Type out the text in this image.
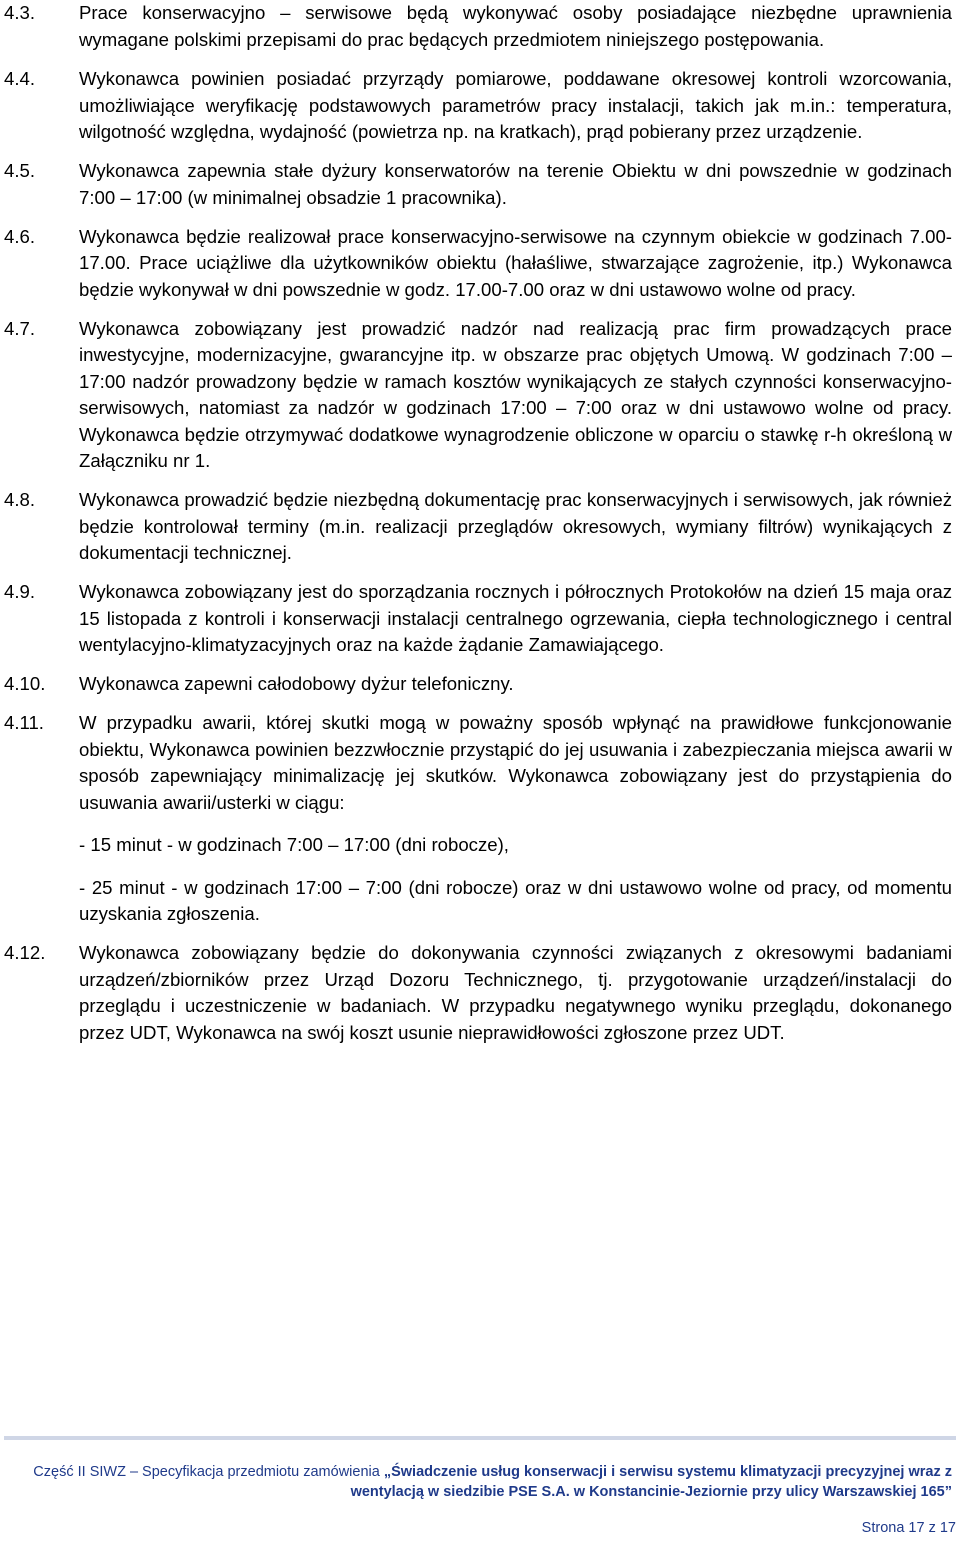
4.3.	Prace konserwacyjno – serwisowe będą wykonywać osoby posiadające niezbędne uprawnienia wymagane polskimi przepisami do prac będących przedmiotem niniejszego postępowania.
4.4.	Wykonawca powinien posiadać przyrządy pomiarowe, poddawane okresowej kontroli wzorcowania, umożliwiające weryfikację podstawowych parametrów pracy instalacji, takich jak m.in.: temperatura, wilgotność względna, wydajność (powietrza np. na kratkach), prąd pobierany przez urządzenie.
4.5.	Wykonawca zapewnia stałe dyżury konserwatorów na terenie Obiektu w dni powszednie w godzinach 7:00 – 17:00 (w minimalnej obsadzie 1 pracownika).
4.6.	Wykonawca będzie realizował prace konserwacyjno-serwisowe na czynnym obiekcie w godzinach 7.00-17.00. Prace uciążliwe dla użytkowników obiektu (hałaśliwe, stwarzające zagrożenie, itp.) Wykonawca będzie wykonywał w dni powszednie w godz. 17.00-7.00 oraz w dni ustawowo wolne od pracy.
4.7.	Wykonawca zobowiązany jest prowadzić nadzór nad realizacją prac firm prowadzących prace inwestycyjne, modernizacyjne, gwarancyjne itp. w obszarze prac objętych Umową. W godzinach 7:00 – 17:00 nadzór prowadzony będzie w ramach kosztów wynikających ze stałych czynności konserwacyjno-serwisowych, natomiast za nadzór w godzinach 17:00 – 7:00 oraz w dni ustawowo wolne od pracy. Wykonawca będzie otrzymywać dodatkowe wynagrodzenie obliczone w oparciu o stawkę r-h określoną w Załączniku nr 1.
4.8.	Wykonawca prowadzić będzie niezbędną dokumentację prac konserwacyjnych i serwisowych, jak również będzie kontrolował terminy (m.in. realizacji przeglądów okresowych, wymiany filtrów) wynikających z dokumentacji technicznej.
4.9.	Wykonawca zobowiązany jest do sporządzania rocznych i półrocznych Protokołów na dzień 15 maja oraz 15 listopada z kontroli i konserwacji instalacji centralnego ogrzewania, ciepła technologicznego i central wentylacyjno-klimatyzacyjnych oraz na każde żądanie Zamawiającego.
4.10.	Wykonawca zapewni całodobowy dyżur telefoniczny.
4.11.	W przypadku awarii, której skutki mogą w poważny sposób wpłynąć na prawidłowe funkcjonowanie obiektu, Wykonawca powinien bezzwłocznie przystąpić do jej usuwania i zabezpieczania miejsca awarii w sposób zapewniający minimalizację jej skutków. Wykonawca zobowiązany jest do przystąpienia do usuwania awarii/usterki w ciągu:
- 15 minut - w godzinach 7:00 – 17:00 (dni robocze),
- 25 minut - w godzinach 17:00 – 7:00 (dni robocze) oraz w dni ustawowo wolne od pracy, od momentu uzyskania zgłoszenia.
4.12.	Wykonawca zobowiązany będzie do dokonywania czynności związanych z okresowymi badaniami urządzeń/zbiorników przez Urząd Dozoru Technicznego, tj. przygotowanie urządzeń/instalacji do przeglądu i uczestniczenie w badaniach. W przypadku negatywnego wyniku przeglądu, dokonanego przez UDT, Wykonawca na swój koszt usunie nieprawidłowości zgłoszone przez UDT.
Część II SIWZ – Specyfikacja przedmiotu zamówienia „Świadczenie usług konserwacji i serwisu systemu klimatyzacji precyzyjnej wraz z wentylacją w siedzibie PSE S.A. w Konstancinie-Jeziornie przy ulicy Warszawskiej 165”
Strona 17 z 17
